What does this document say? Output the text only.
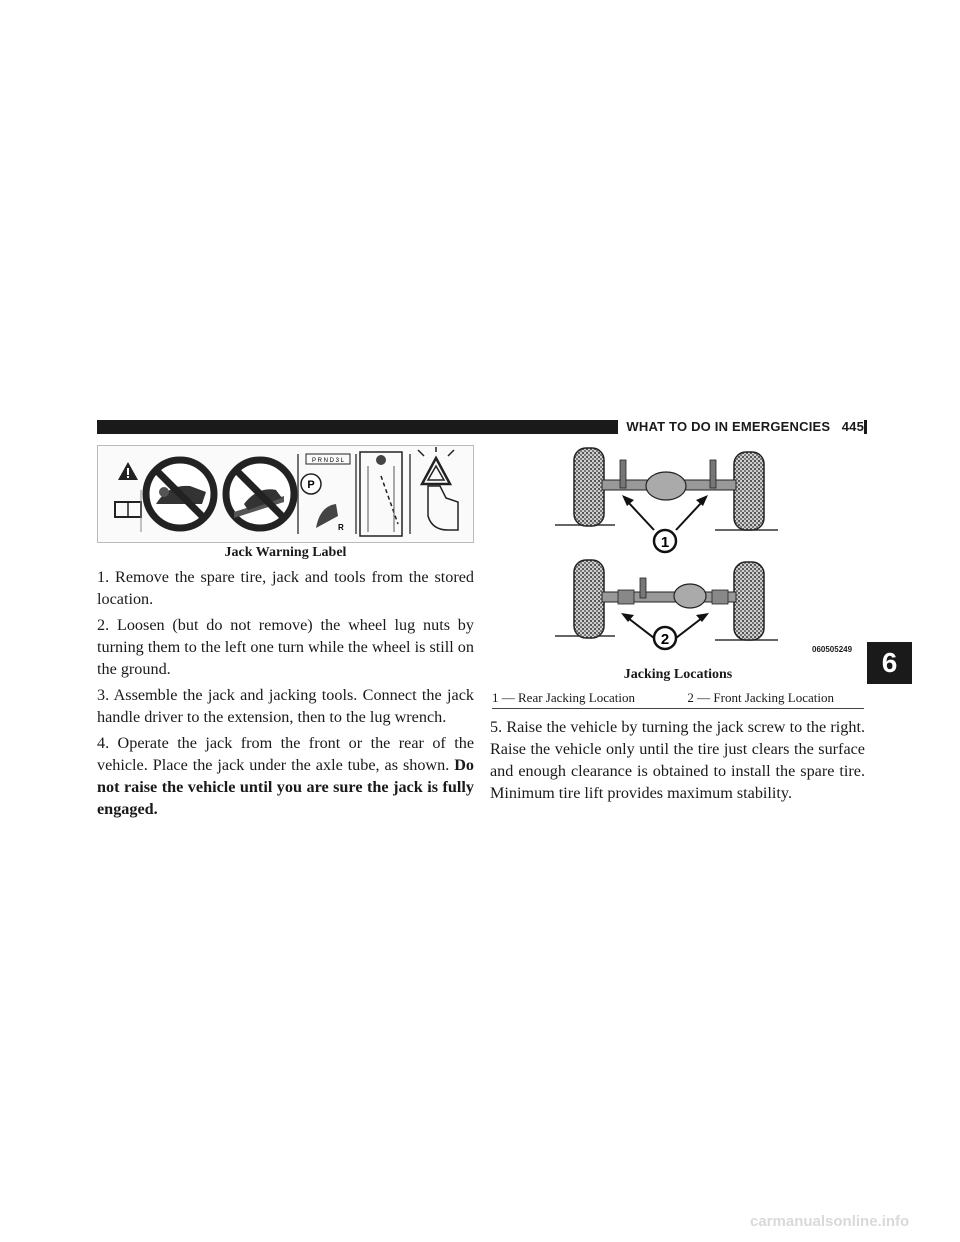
WHAT TO DO IN EMERGENCIES 445
6
P R N D 3 L
P
R
Jack Warning Label
1. Remove the spare tire, jack and tools from the stored location.
2. Loosen (but do not remove) the wheel lug nuts by turning them to the left one turn while the wheel is still on the ground.
3. Assemble the jack and jacking tools. Connect the jack handle driver to the extension, then to the lug wrench.
4. Operate the jack from the front or the rear of the vehicle. Place the jack under the axle tube, as shown. Do not raise the vehicle until you are sure the jack is fully engaged.
1
2
060505249
Jacking Locations
1 — Rear Jacking Location	2 — Front Jacking Location
5. Raise the vehicle by turning the jack screw to the right. Raise the vehicle only until the tire just clears the surface and enough clearance is obtained to install the spare tire. Minimum tire lift provides maximum stability.
carmanualsonline.info
